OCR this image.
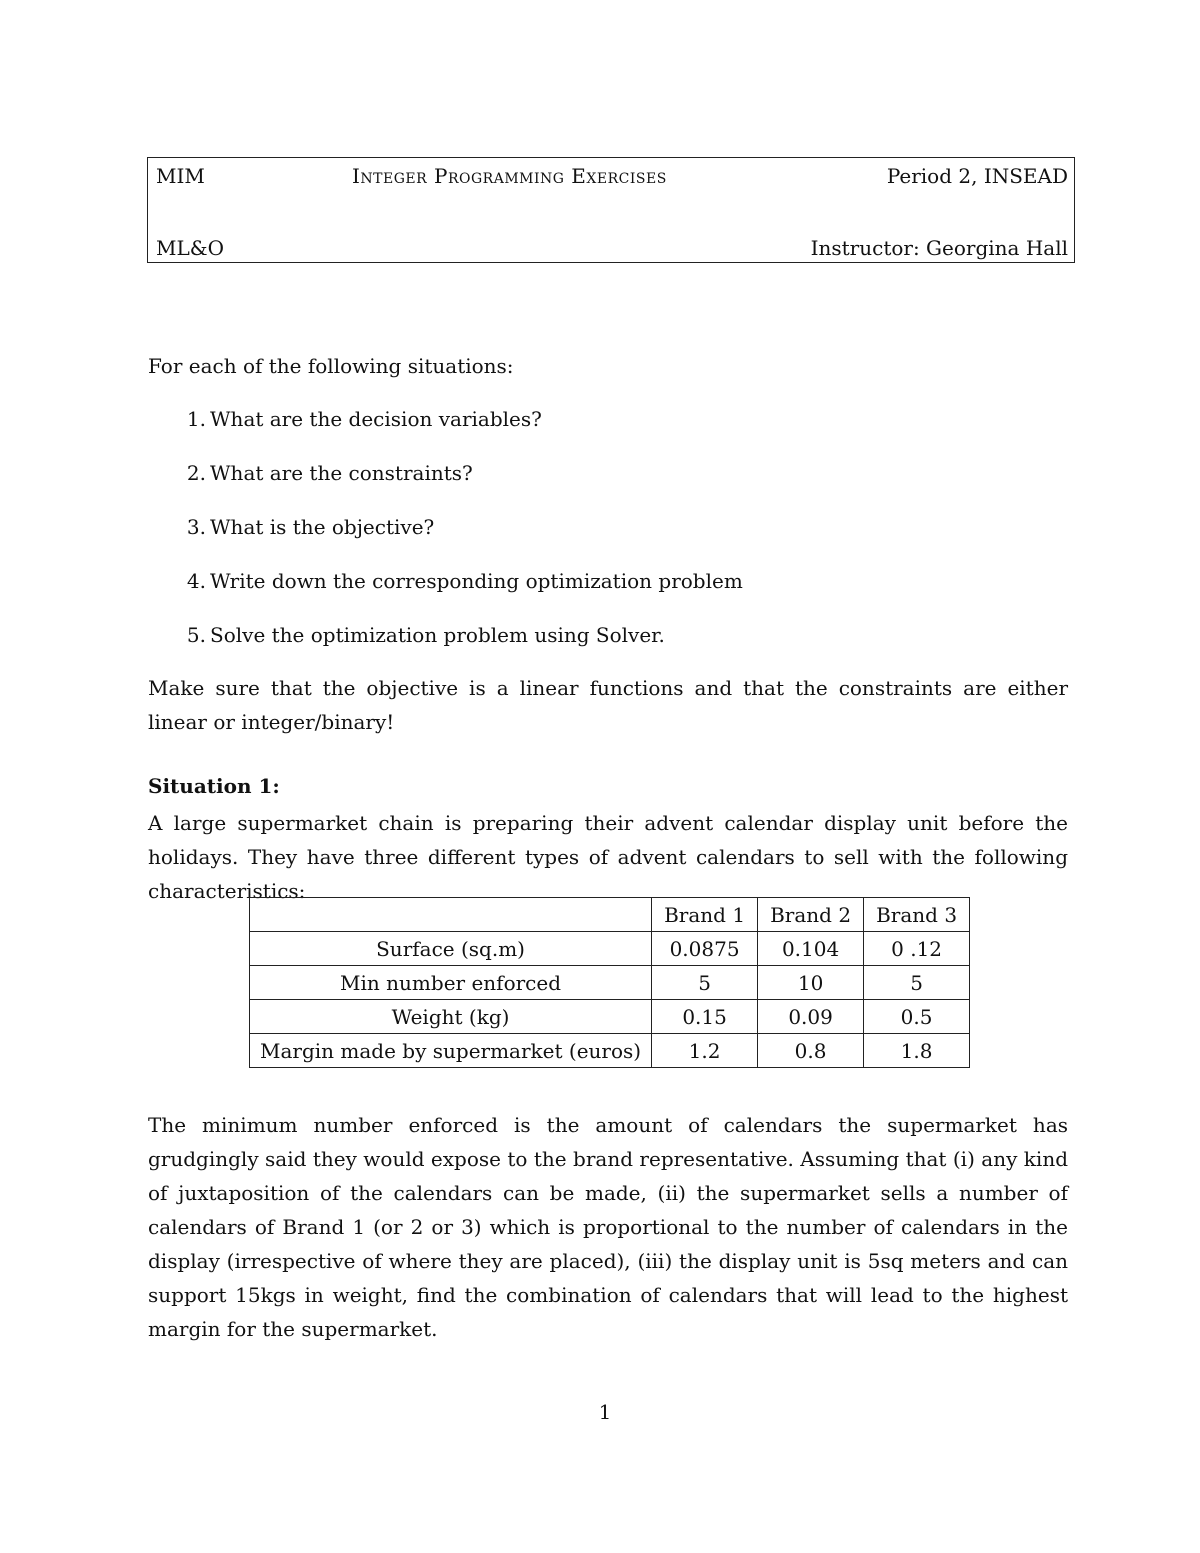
MIM	Integer Programming Exercises	Period 2, INSEAD
ML&O	Instructor: Georgina Hall
For each of the following situations:
1. What are the decision variables?
2. What are the constraints?
3. What is the objective?
4. Write down the corresponding optimization problem
5. Solve the optimization problem using Solver.
Make sure that the objective is a linear functions and that the constraints are either linear or integer/binary!
Situation 1:
A large supermarket chain is preparing their advent calendar display unit before the holidays. They have three different types of advent calendars to sell with the following characteristics:
	Brand 1	Brand 2	Brand 3
Surface (sq.m)	0.0875	0.104	0 .12
Min number enforced	5	10	5
Weight (kg)	0.15	0.09	0.5
Margin made by supermarket (euros)	1.2	0.8	1.8
The minimum number enforced is the amount of calendars the supermarket has grudgingly said they would expose to the brand representative. Assuming that (i) any kind of juxtaposition of the calendars can be made, (ii) the supermarket sells a number of calendars of Brand 1 (or 2 or 3) which is proportional to the number of calendars in the display (irrespective of where they are placed), (iii) the display unit is 5sq meters and can support 15kgs in weight, find the combination of calendars that will lead to the highest margin for the supermarket.
1
